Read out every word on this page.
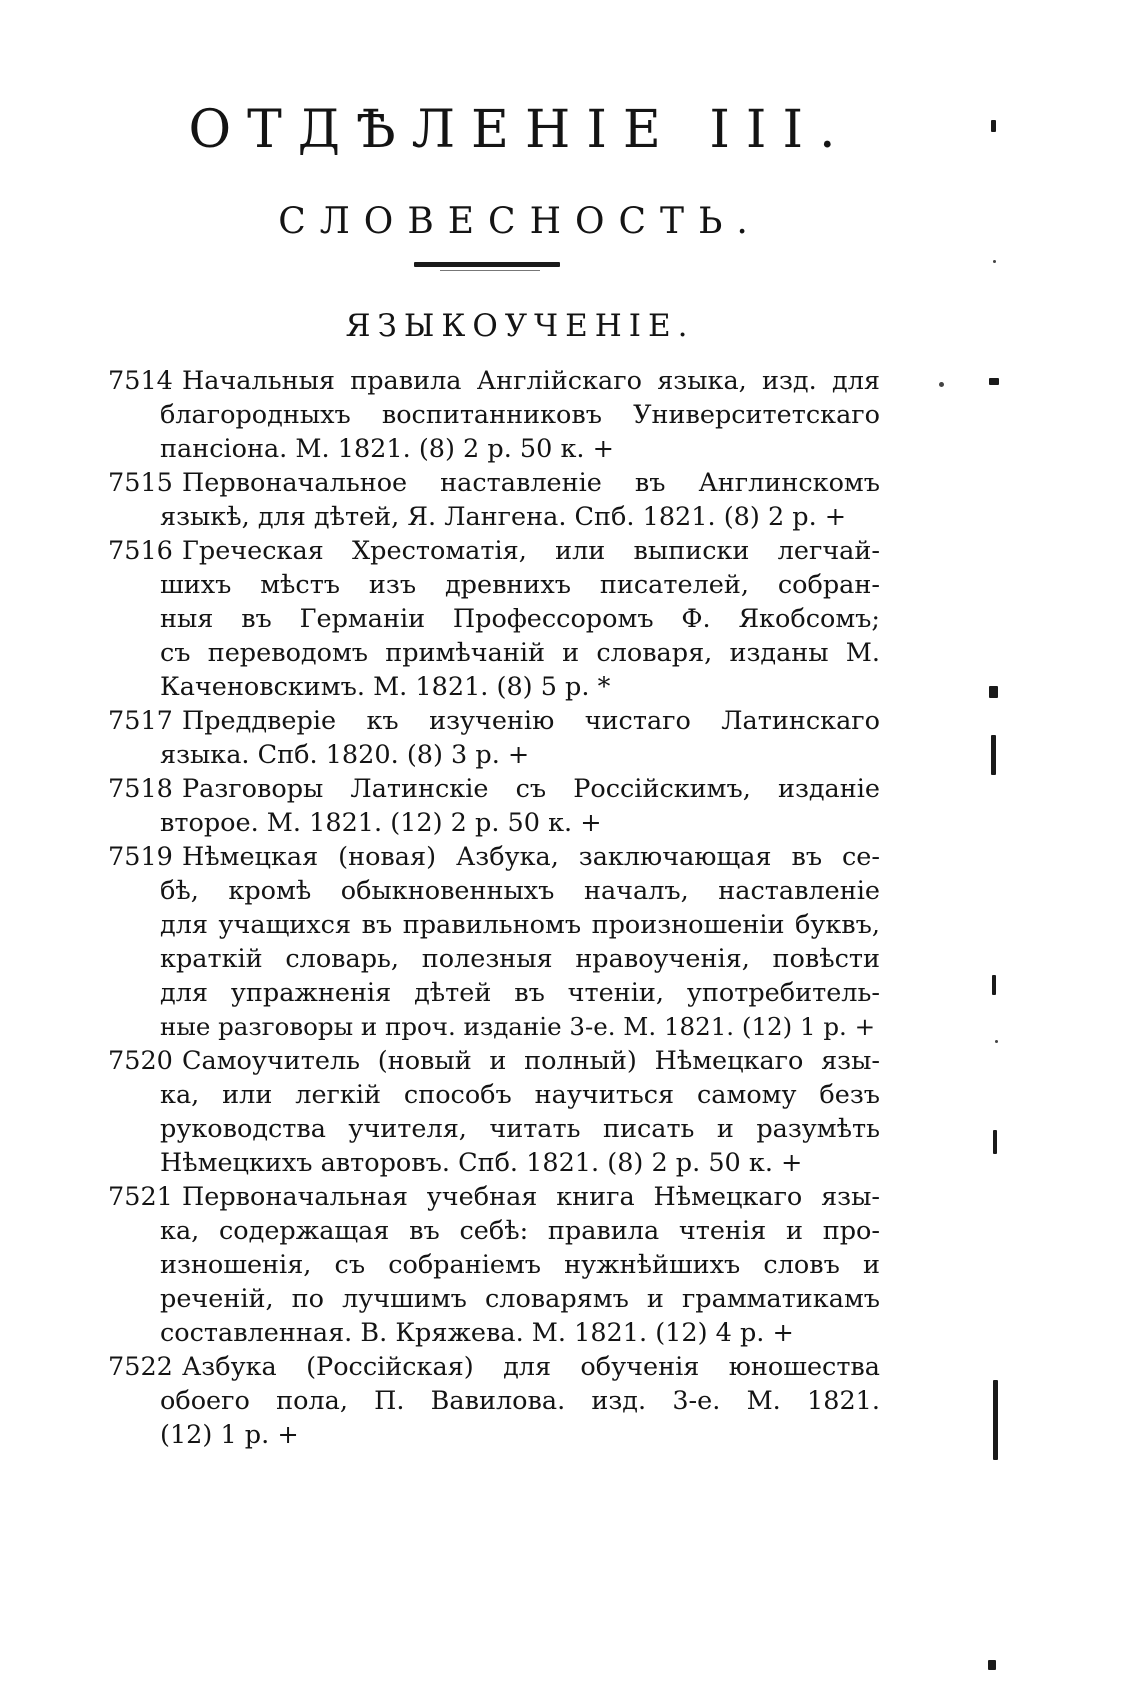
ОТДѢЛЕНІЕ III.
СЛОВЕСНОСТЬ.
ЯЗЫКОУЧЕНІЕ.
7514 Начальныя правила Англійскаго языка, изд. для
благородныхъ воспитанниковъ Университетскаго
пансіона. М. 1821. (8) 2 р. 50 к. +
7515 Первоначальное наставленіе въ Англинскомъ
языкѣ, для дѣтей, Я. Лангена. Спб. 1821. (8) 2 р. +
7516 Греческая Хрестоматія, или выписки легчай-
шихъ мѣстъ изъ древнихъ писателей, собран-
ныя въ Германіи Профессоромъ Ф. Якобсомъ;
съ переводомъ примѣчаній и словаря, изданы М.
Каченовскимъ. М. 1821. (8) 5 р. *
7517 Преддверіе къ изученію чистаго Латинскаго
языка. Спб. 1820. (8) 3 р. +
7518 Разговоры Латинскіе съ Россійскимъ, изданіе
второе. М. 1821. (12) 2 р. 50 к. +
7519 Нѣмецкая (новая) Азбука, заключающая въ се-
бѣ, кромѣ обыкновенныхъ началъ, наставленіе
для учащихся въ правильномъ произношеніи буквъ,
краткій словарь, полезныя нравоученія, повѣсти
для упражненія дѣтей въ чтеніи, употребитель-
ные разговоры и проч. изданіе 3-е. М. 1821. (12) 1 р. +
7520 Самоучитель (новый и полный) Нѣмецкаго язы-
ка, или легкій способъ научиться самому безъ
руководства учителя, читать писать и разумѣть
Нѣмецкихъ авторовъ. Спб. 1821. (8) 2 р. 50 к. +
7521 Первоначальная учебная книга Нѣмецкаго язы-
ка, содержащая въ себѣ: правила чтенія и про-
изношенія, съ собраніемъ нужнѣйшихъ словъ и
реченій, по лучшимъ словарямъ и грамматикамъ
составленная. В. Кряжева. М. 1821. (12) 4 р. +
7522 Азбука (Россійская) для обученія юношества
обоего пола, П. Вавилова. изд. 3-е. М. 1821.
(12) 1 р. +
